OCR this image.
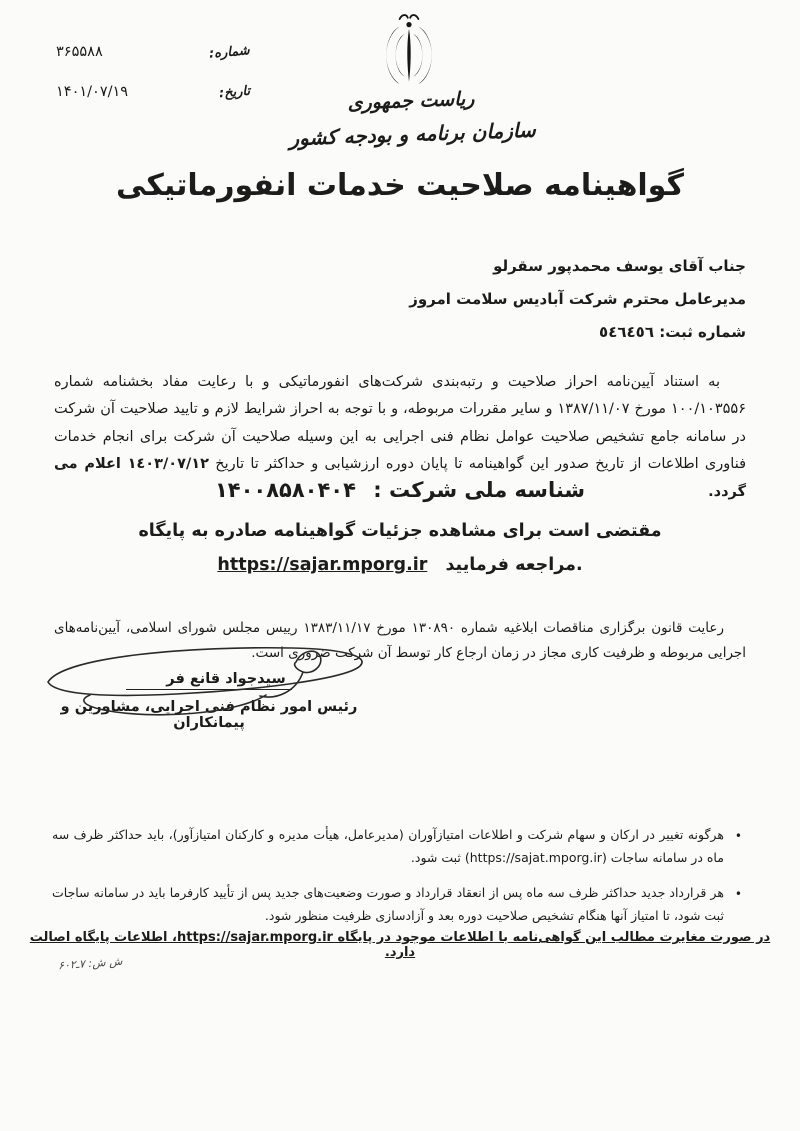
شماره:
۳۶۵۵۸۸
تاریخ:
۱۴۰۱/۰۷/۱۹	ریاست جمهوری
سازمان برنامه و بودجه کشور
گواهینامه صلاحیت خدمات انفورماتیکی
جناب آقای یوسف محمدپور سقرلو
مدیرعامل محترم شرکت آبادیس سلامت امروز
شماره ثبت: ٥٤٦٤٥٦

به استناد آیین‌نامه احراز صلاحیت و رتبه‌بندی شرکت‌های انفورماتیکی و با رعایت مفاد بخشنامه شماره ۱۰۰/۱۰۳۵۵۶ مورخ ۱۳۸۷/۱۱/۰۷ و سایر مقررات مربوطه، و با توجه به احراز شرایط لازم و تایید صلاحیت آن شرکت در سامانه جامع تشخیص صلاحیت عوامل نظام فنی اجرایی به این وسیله صلاحیت آن شرکت برای انجام خدمات فناوری اطلاعات از تاریخ صدور این گواهینامه تا پایان دوره ارزشیابی و حداکثر تا تاریخ ١٤٠٣/٠٧/١٢ اعلام می گردد.

شناسه ملی شرکت : ۱۴۰۰۸۵۸۰۴۰۴
مقتضی است برای مشاهده جزئیات گواهینامه صادره به پایگاه
https://sajar.mporg.ir مراجعه فرمایید.

رعایت قانون برگزاری مناقصات ابلاغیه شماره ۱۳۰۸۹۰ مورخ ۱۳۸۳/۱۱/۱۷ رییس مجلس شورای اسلامی، آیین‌نامه‌های اجرایی مربوطه و ظرفیت کاری مجاز در زمان ارجاع کار توسط آن شرکت ضروری است.

سیدجواد قانع فر
رئیس امور نظام فنی اجرایی، مشاورین و پیمانکاران
•
هرگونه تغییر در ارکان و سهام شرکت و اطلاعات امتیازآوران (مدیرعامل، هیأت مدیره و کارکنان امتیازآور)، باید حداکثر ظرف سه ماه در سامانه ساجات (https://sajat.mporg.ir) ثبت شود.
•
هر قرارداد جدید حداکثر ظرف سه ماه پس از انعقاد قرارداد و صورت وضعیت‌های جدید پس از تأیید کارفرما باید در سامانه ساجات ثبت شود، تا امتیاز آنها هنگام تشخیص صلاحیت دوره بعد و آزادسازی ظرفیت منظور شود.
در صورت مغایرت مطالب این گواهی‌نامه با اطلاعات موجود در پایگاه https://sajar.mporg.ir، اطلاعات پایگاه اصالت دارد.
ش ش: ۷ـ۶۰۲
